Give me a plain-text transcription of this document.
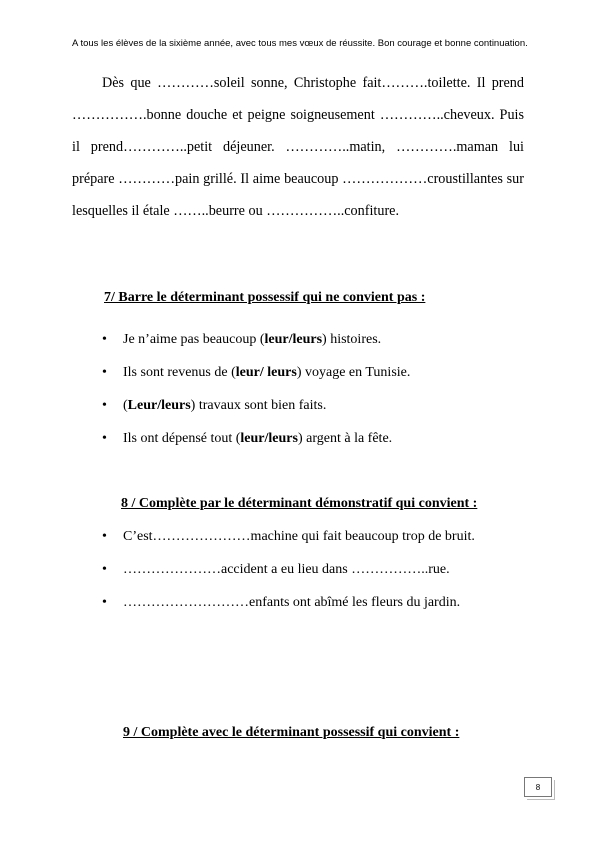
A tous les élèves de la sixième année, avec tous mes vœux de réussite. Bon courage et bonne continuation.

Dès que …………soleil sonne, Christophe fait……….toilette. Il prend …………….bonne douche et peigne soigneusement …………..cheveux. Puis il prend…………..petit déjeuner. …………..matin, ………….maman lui prépare …………pain grillé. Il aime beaucoup ………………croustillantes sur lesquelles il étale ……..beurre ou ……………..confiture.

7/ Barre le déterminant possessif qui ne convient pas :
• Je n’aime pas beaucoup (leur/leurs) histoires.
• Ils sont revenus de (leur/ leurs) voyage en Tunisie.
• (Leur/leurs) travaux sont bien faits.
• Ils ont dépensé tout (leur/leurs) argent à la fête.
8 / Complète par le déterminant démonstratif qui convient :
• C’est…………………machine qui fait beaucoup trop de bruit.
• …………………accident a eu lieu dans ……………..rue.
• ………………………enfants ont abîmé les fleurs du jardin.
9 / Complète avec le déterminant possessif qui convient :
8
